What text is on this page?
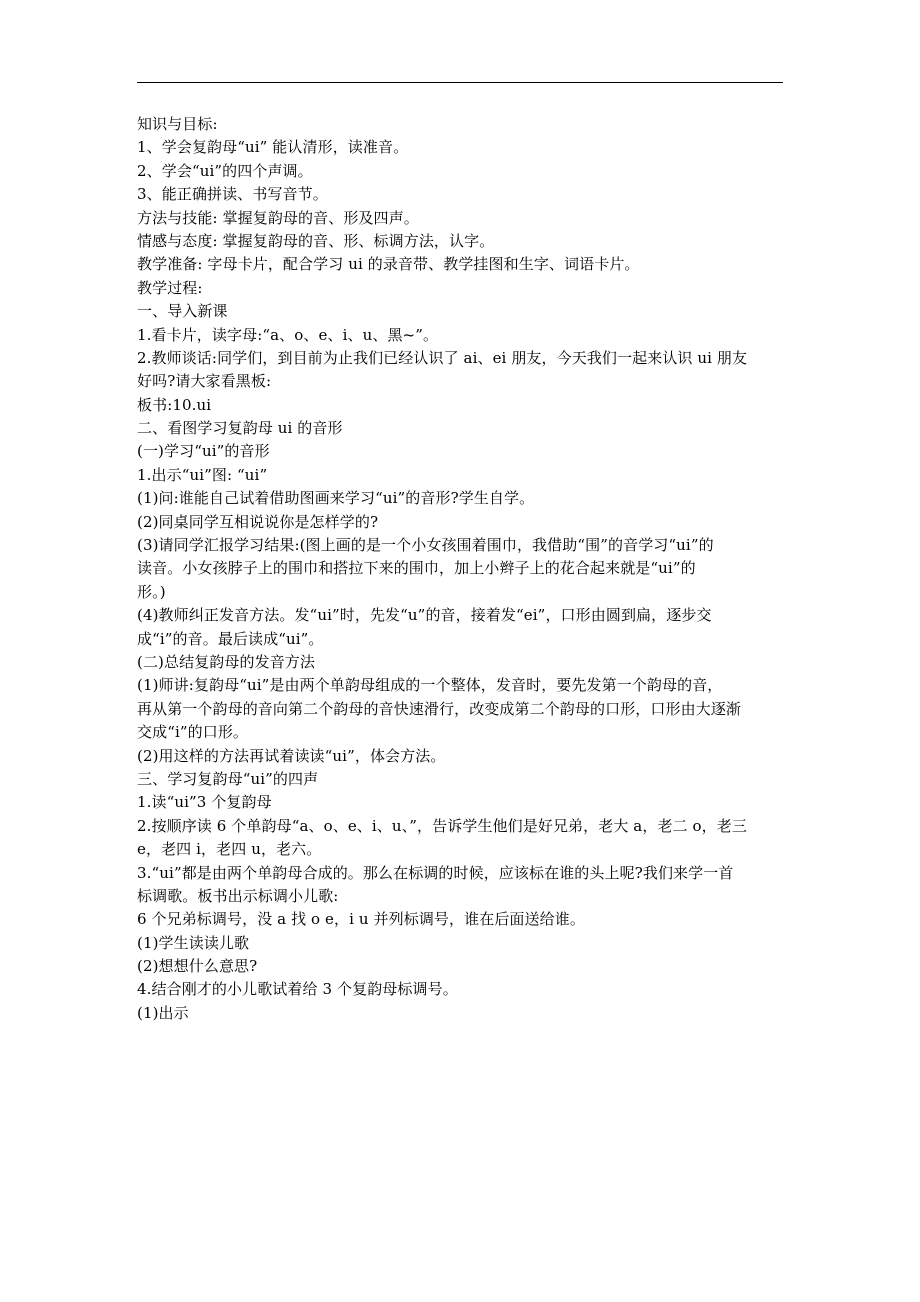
知识与目标:
1、学会复韵母“ui” 能认清形，读准音。
2、学会“ui”的四个声调。
3、能正确拼读、书写音节。
方法与技能: 掌握复韵母的音、形及四声。
情感与态度: 掌握复韵母的音、形、标调方法，认字。
教学准备: 字母卡片，配合学习 ui 的录音带、教学挂图和生字、词语卡片。
教学过程:
一、导入新课
1.看卡片，读字母:“a、o、e、i、u、黑~”。
2.教师谈话:同学们，到目前为止我们已经认识了 ai、ei 朋友，今天我们一起来认识 ui 朋友
好吗?请大家看黑板:
板书:10.ui
二、看图学习复韵母 ui 的音形
(一)学习“ui”的音形
1.出示“ui”图: “ui”
(1)问:谁能自己试着借助图画来学习“ui”的音形?学生自学。
(2)同桌同学互相说说你是怎样学的?
(3)请同学汇报学习结果:(图上画的是一个小女孩围着围巾，我借助“围”的音学习“ui”的
读音。小女孩脖子上的围巾和搭拉下来的围巾，加上小辫子上的花合起来就是“ui”的
形。)
(4)教师纠正发音方法。发“ui”时，先发“u”的音，接着发“ei”，口形由圆到扁，逐步交
成“i”的音。最后读成“ui”。
(二)总结复韵母的发音方法
(1)师讲:复韵母“ui”是由两个单韵母组成的一个整体，发音时，要先发第一个韵母的音，
再从第一个韵母的音向第二个韵母的音快速滑行，改变成第二个韵母的口形，口形由大逐渐
交成“i”的口形。
(2)用这样的方法再试着读读“ui”，体会方法。
三、学习复韵母“ui”的四声
1.读“ui”3 个复韵母
2.按顺序读 6 个单韵母“a、o、e、i、u、”，告诉学生他们是好兄弟，老大 a，老二 o，老三
e，老四 i，老四 u，老六。
3.“ui”都是由两个单韵母合成的。那么在标调的时候，应该标在谁的头上呢?我们来学一首
标调歌。板书出示标调小儿歌:
6 个兄弟标调号，没 a 找 o e，i u 并列标调号，谁在后面送给谁。
(1)学生读读儿歌
(2)想想什么意思?
4.结合刚才的小儿歌试着给 3 个复韵母标调号。
(1)出示
